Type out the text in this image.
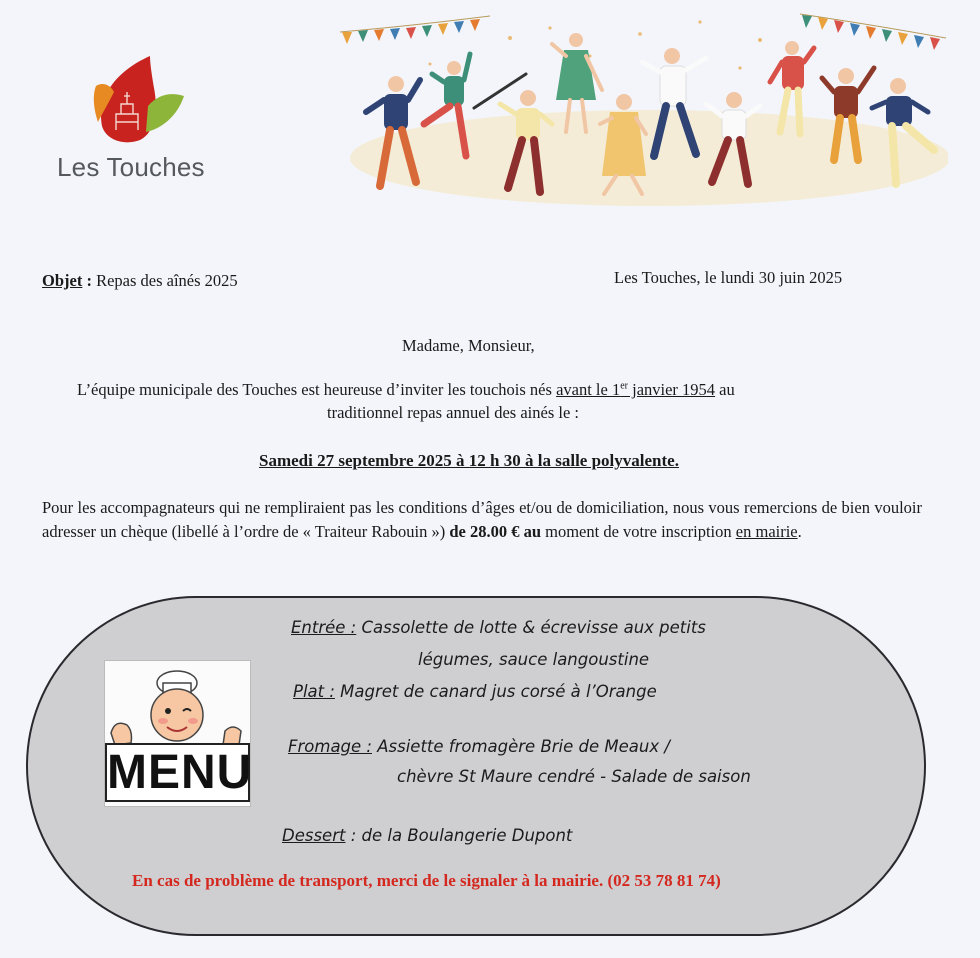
Les Touches
Objet : Repas des aînés 2025	Les Touches, le lundi 30 juin 2025
Madame, Monsieur,
L’équipe municipale des Touches est heureuse d’inviter les touchois nés avant le 1er janvier 1954 au
traditionnel repas annuel des ainés le :
Samedi 27 septembre 2025 à 12 h 30 à la salle polyvalente.
Pour les accompagnateurs qui ne rempliraient pas les conditions d’âges et/ou de domiciliation, nous vous remercions de bien vouloir adresser un chèque (libellé à l’ordre de « Traiteur Rabouin ») de 28.00 € au moment de votre inscription en mairie.
MENU
Entrée : Cassolette de lotte & écrevisse aux petits
légumes, sauce langoustine
Plat : Magret de canard jus corsé à l’Orange
Fromage : Assiette fromagère Brie de Meaux /
chèvre St Maure cendré - Salade de saison
Dessert : de la Boulangerie Dupont
En cas de problème de transport, merci de le signaler à la mairie. (02 53 78 81 74)
